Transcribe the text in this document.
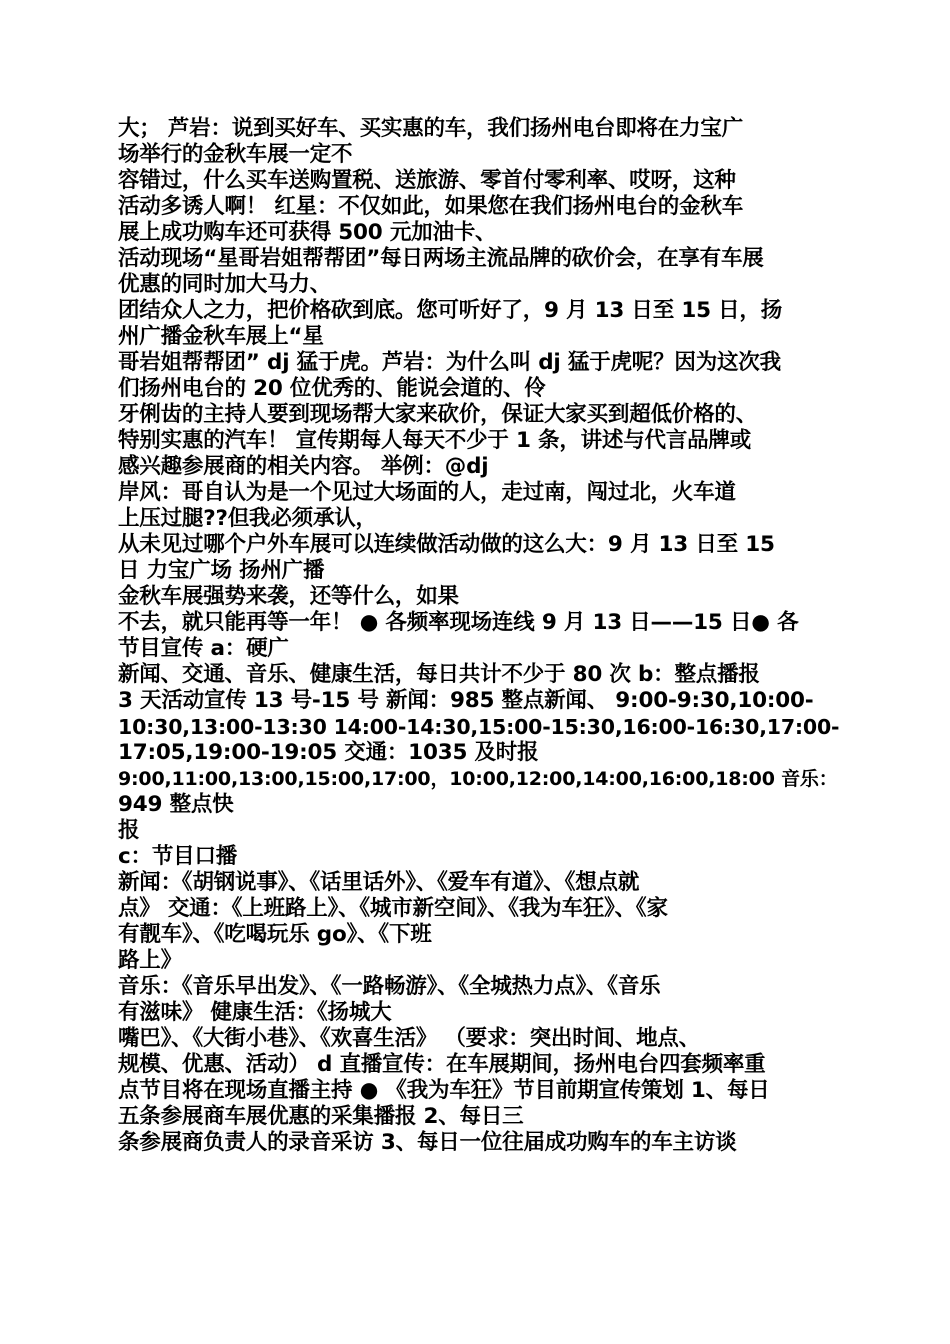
大； 芦岩：说到买好车、买实惠的车，我们扬州电台即将在力宝广
场举行的金秋车展一定不
容错过，什么买车送购置税、送旅游、零首付零利率、哎呀，这种
活动多诱人啊！ 红星：不仅如此，如果您在我们扬州电台的金秋车
展上成功购车还可获得 500 元加油卡、
活动现场“星哥岩姐帮帮团”每日两场主流品牌的砍价会，在享有车展
优惠的同时加大马力、
团结众人之力，把价格砍到底。您可听好了，9 月 13 日至 15 日，扬
州广播金秋车展上“星
哥岩姐帮帮团” dj 猛于虎。芦岩：为什么叫 dj 猛于虎呢？因为这次我
们扬州电台的 20 位优秀的、能说会道的、伶
牙俐齿的主持人要到现场帮大家来砍价，保证大家买到超低价格的、
特别实惠的汽车！ 宣传期每人每天不少于 1 条，讲述与代言品牌或
感兴趣参展商的相关内容。 举例：@dj
岸风：哥自认为是一个见过大场面的人，走过南，闯过北，火车道
上压过腿??但我必须承认，
从未见过哪个户外车展可以连续做活动做的这么大：9 月 13 日至 15
日 力宝广场 扬州广播
金秋车展强势来袭，还等什么，如果
不去，就只能再等一年！ ● 各频率现场连线 9 月 13 日——15 日● 各
节目宣传 a：硬广
新闻、交通、音乐、健康生活，每日共计不少于 80 次 b：整点播报
3 天活动宣传 13 号-15 号 新闻：985 整点新闻、 9:00-9:30,10:00-
10:30,13:00-13:30 14:00-14:30,15:00-15:30,16:00-16:30,17:00-
17:05,19:00-19:05 交通：1035 及时报
9:00,11:00,13:00,15:00,17:00，10:00,12:00,14:00,16:00,18:00 音乐：
949 整点快
报
c：节目口播
新闻：《胡钢说事》、《话里话外》、《爱车有道》、《想点就
点》 交通：《上班路上》、《城市新空间》、《我为车狂》、《家
有靓车》、《吃喝玩乐 go》、《下班
路上》
音乐：《音乐早出发》、《一路畅游》、《全城热力点》、《音乐
有滋味》 健康生活：《扬城大
嘴巴》、《大街小巷》、《欢喜生活》 （要求：突出时间、地点、
规模、优惠、活动） d 直播宣传：在车展期间，扬州电台四套频率重
点节目将在现场直播主持 ● 《我为车狂》节目前期宣传策划 1、每日
五条参展商车展优惠的采集播报 2、每日三
条参展商负责人的录音采访 3、每日一位往届成功购车的车主访谈
